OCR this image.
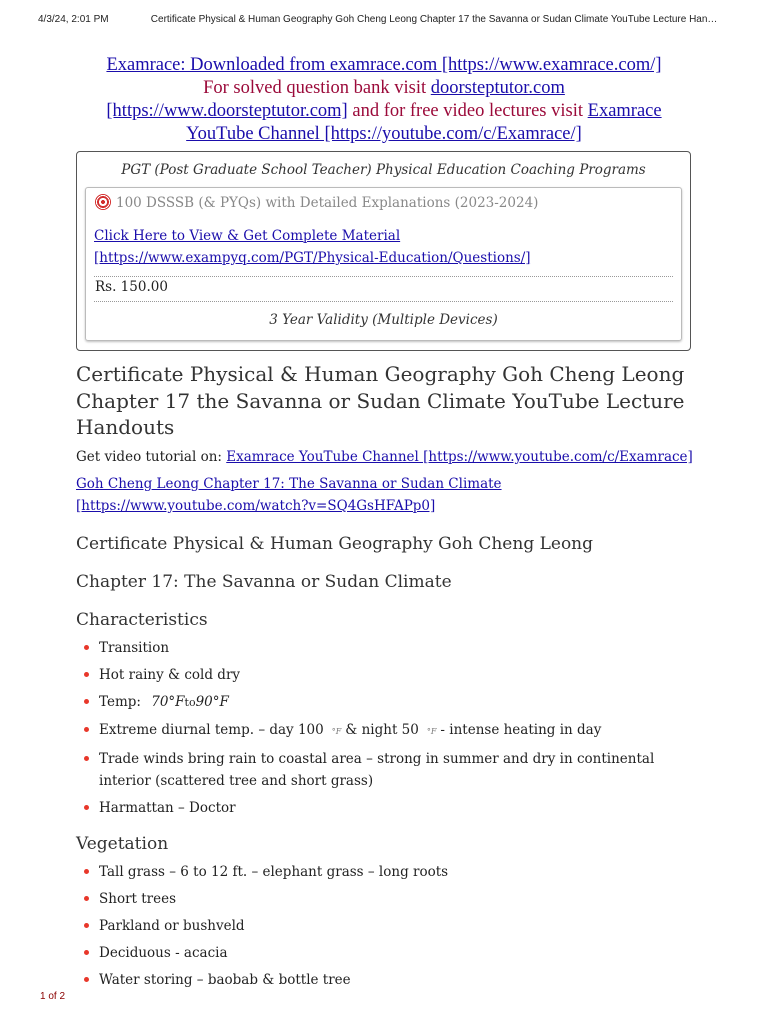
4/3/24, 2:01 PM	Certificate Physical & Human Geography Goh Cheng Leong Chapter 17 the Savanna or Sudan Climate YouTube Lecture Han…
Examrace: Downloaded from examrace.com [https://www.examrace.com/]
For solved question bank visit doorsteptutor.com
[https://www.doorsteptutor.com] and for free video lectures visit Examrace
YouTube Channel [https://youtube.com/c/Examrace/]
PGT (Post Graduate School Teacher) Physical Education Coaching Programs
100 DSSSB (& PYQs) with Detailed Explanations (2023-2024)
Click Here to View & Get Complete Material [https://www.exampyq.com/PGT/Physical-Education/Questions/]
Rs. 150.00
3 Year Validity (Multiple Devices)
Certificate Physical & Human Geography Goh Cheng Leong Chapter 17 the Savanna or Sudan Climate YouTube Lecture Handouts
Get video tutorial on: Examrace YouTube Channel [https://www.youtube.com/c/Examrace]
Goh Cheng Leong Chapter 17: The Savanna or Sudan Climate [https://www.youtube.com/watch?v=SQ4GsHFAPp0]
Certificate Physical & Human Geography Goh Cheng Leong
Chapter 17: The Savanna or Sudan Climate
Characteristics
Transition
Hot rainy & cold dry
Temp: 70°Fto90°F
Extreme diurnal temp. – day 100 °F & night 50 °F - intense heating in day
Trade winds bring rain to coastal area – strong in summer and dry in continental interior (scattered tree and short grass)
Harmattan – Doctor
Vegetation
Tall grass – 6 to 12 ft. – elephant grass – long roots
Short trees
Parkland or bushveld
Deciduous - acacia
Water storing – baobab & bottle tree
1 of 2
